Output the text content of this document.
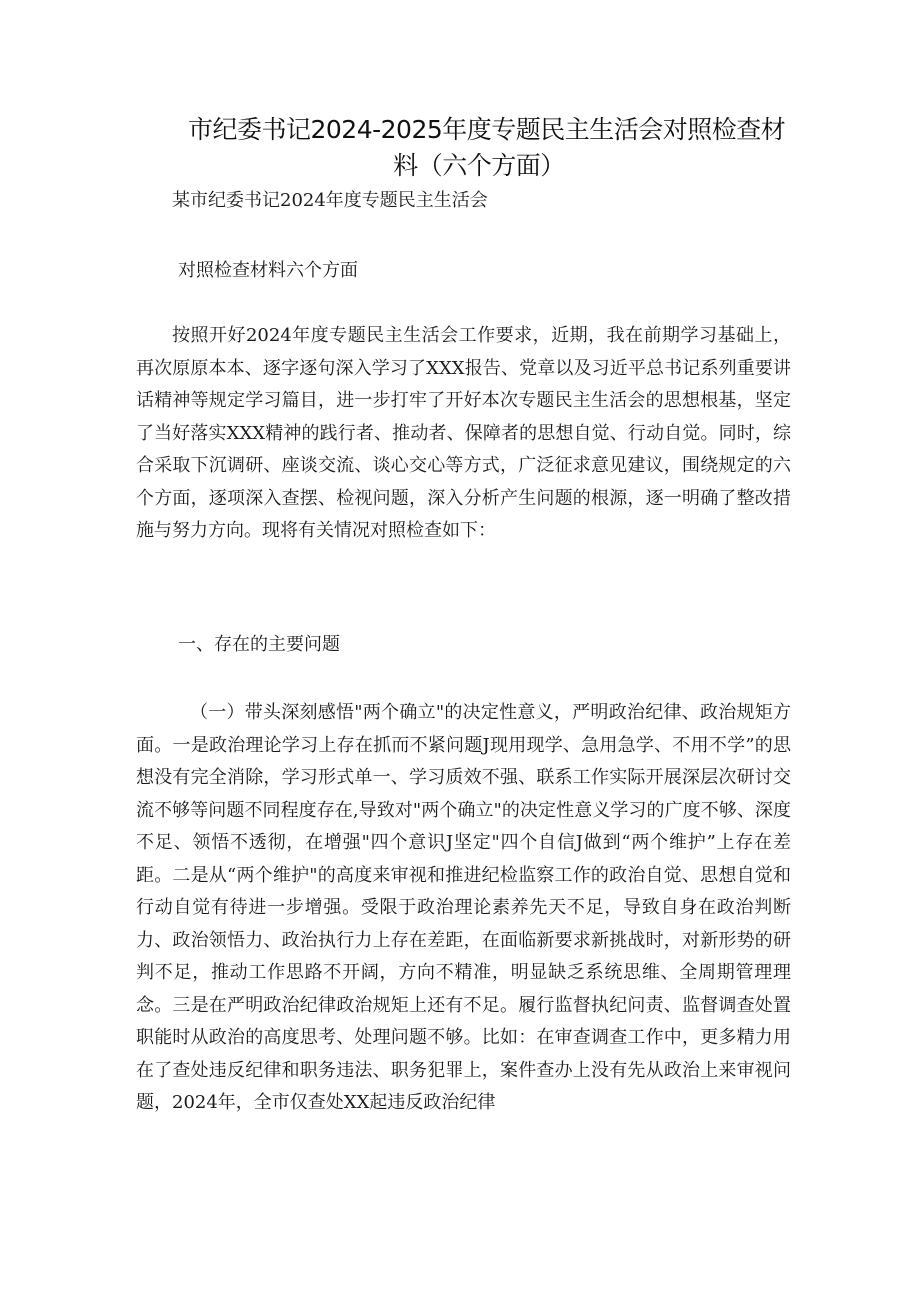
市纪委书记2024-2025年度专题民主生活会对照检查材
料（六个方面）

某市纪委书记2024年度专题民主生活会

对照检查材料六个方面

按照开好2024年度专题民主生活会工作要求，近期，我在前期学习基础上，再次原原本本、逐字逐句深入学习了XXX报告、党章以及习近平总书记系列重要讲话精神等规定学习篇目，进一步打牢了开好本次专题民主生活会的思想根基，坚定了当好落实XXX精神的践行者、推动者、保障者的思想自觉、行动自觉。同时，综合采取下沉调研、座谈交流、谈心交心等方式，广泛征求意见建议，围绕规定的六个方面，逐项深入查摆、检视问题，深入分析产生问题的根源，逐一明确了整改措施与努力方向。现将有关情况对照检查如下：

一、存在的主要问题

（一）带头深刻感悟"两个确立"的决定性意义，严明政治纪律、政治规矩方面。一是政治理论学习上存在抓而不紧问题J现用现学、急用急学、不用不学”的思想没有完全消除，学习形式单一、学习质效不强、联系工作实际开展深层次研讨交流不够等问题不同程度存在,导致对"两个确立"的决定性意义学习的广度不够、深度不足、领悟不透彻，在增强"四个意识J坚定"四个自信J做到“两个维护”上存在差距。二是从“两个维护"的高度来审视和推进纪检监察工作的政治自觉、思想自觉和行动自觉有待进一步增强。受限于政治理论素养先天不足，导致自身在政治判断力、政治领悟力、政治执行力上存在差距，在面临新要求新挑战时，对新形势的研判不足，推动工作思路不开阔，方向不精准，明显缺乏系统思维、全周期管理理念。三是在严明政治纪律政治规矩上还有不足。履行监督执纪问责、监督调查处置职能时从政治的高度思考、处理问题不够。比如：在审查调查工作中，更多精力用在了查处违反纪律和职务违法、职务犯罪上，案件查办上没有先从政治上来审视问题，2024年，全市仅查处XX起违反政治纪律
